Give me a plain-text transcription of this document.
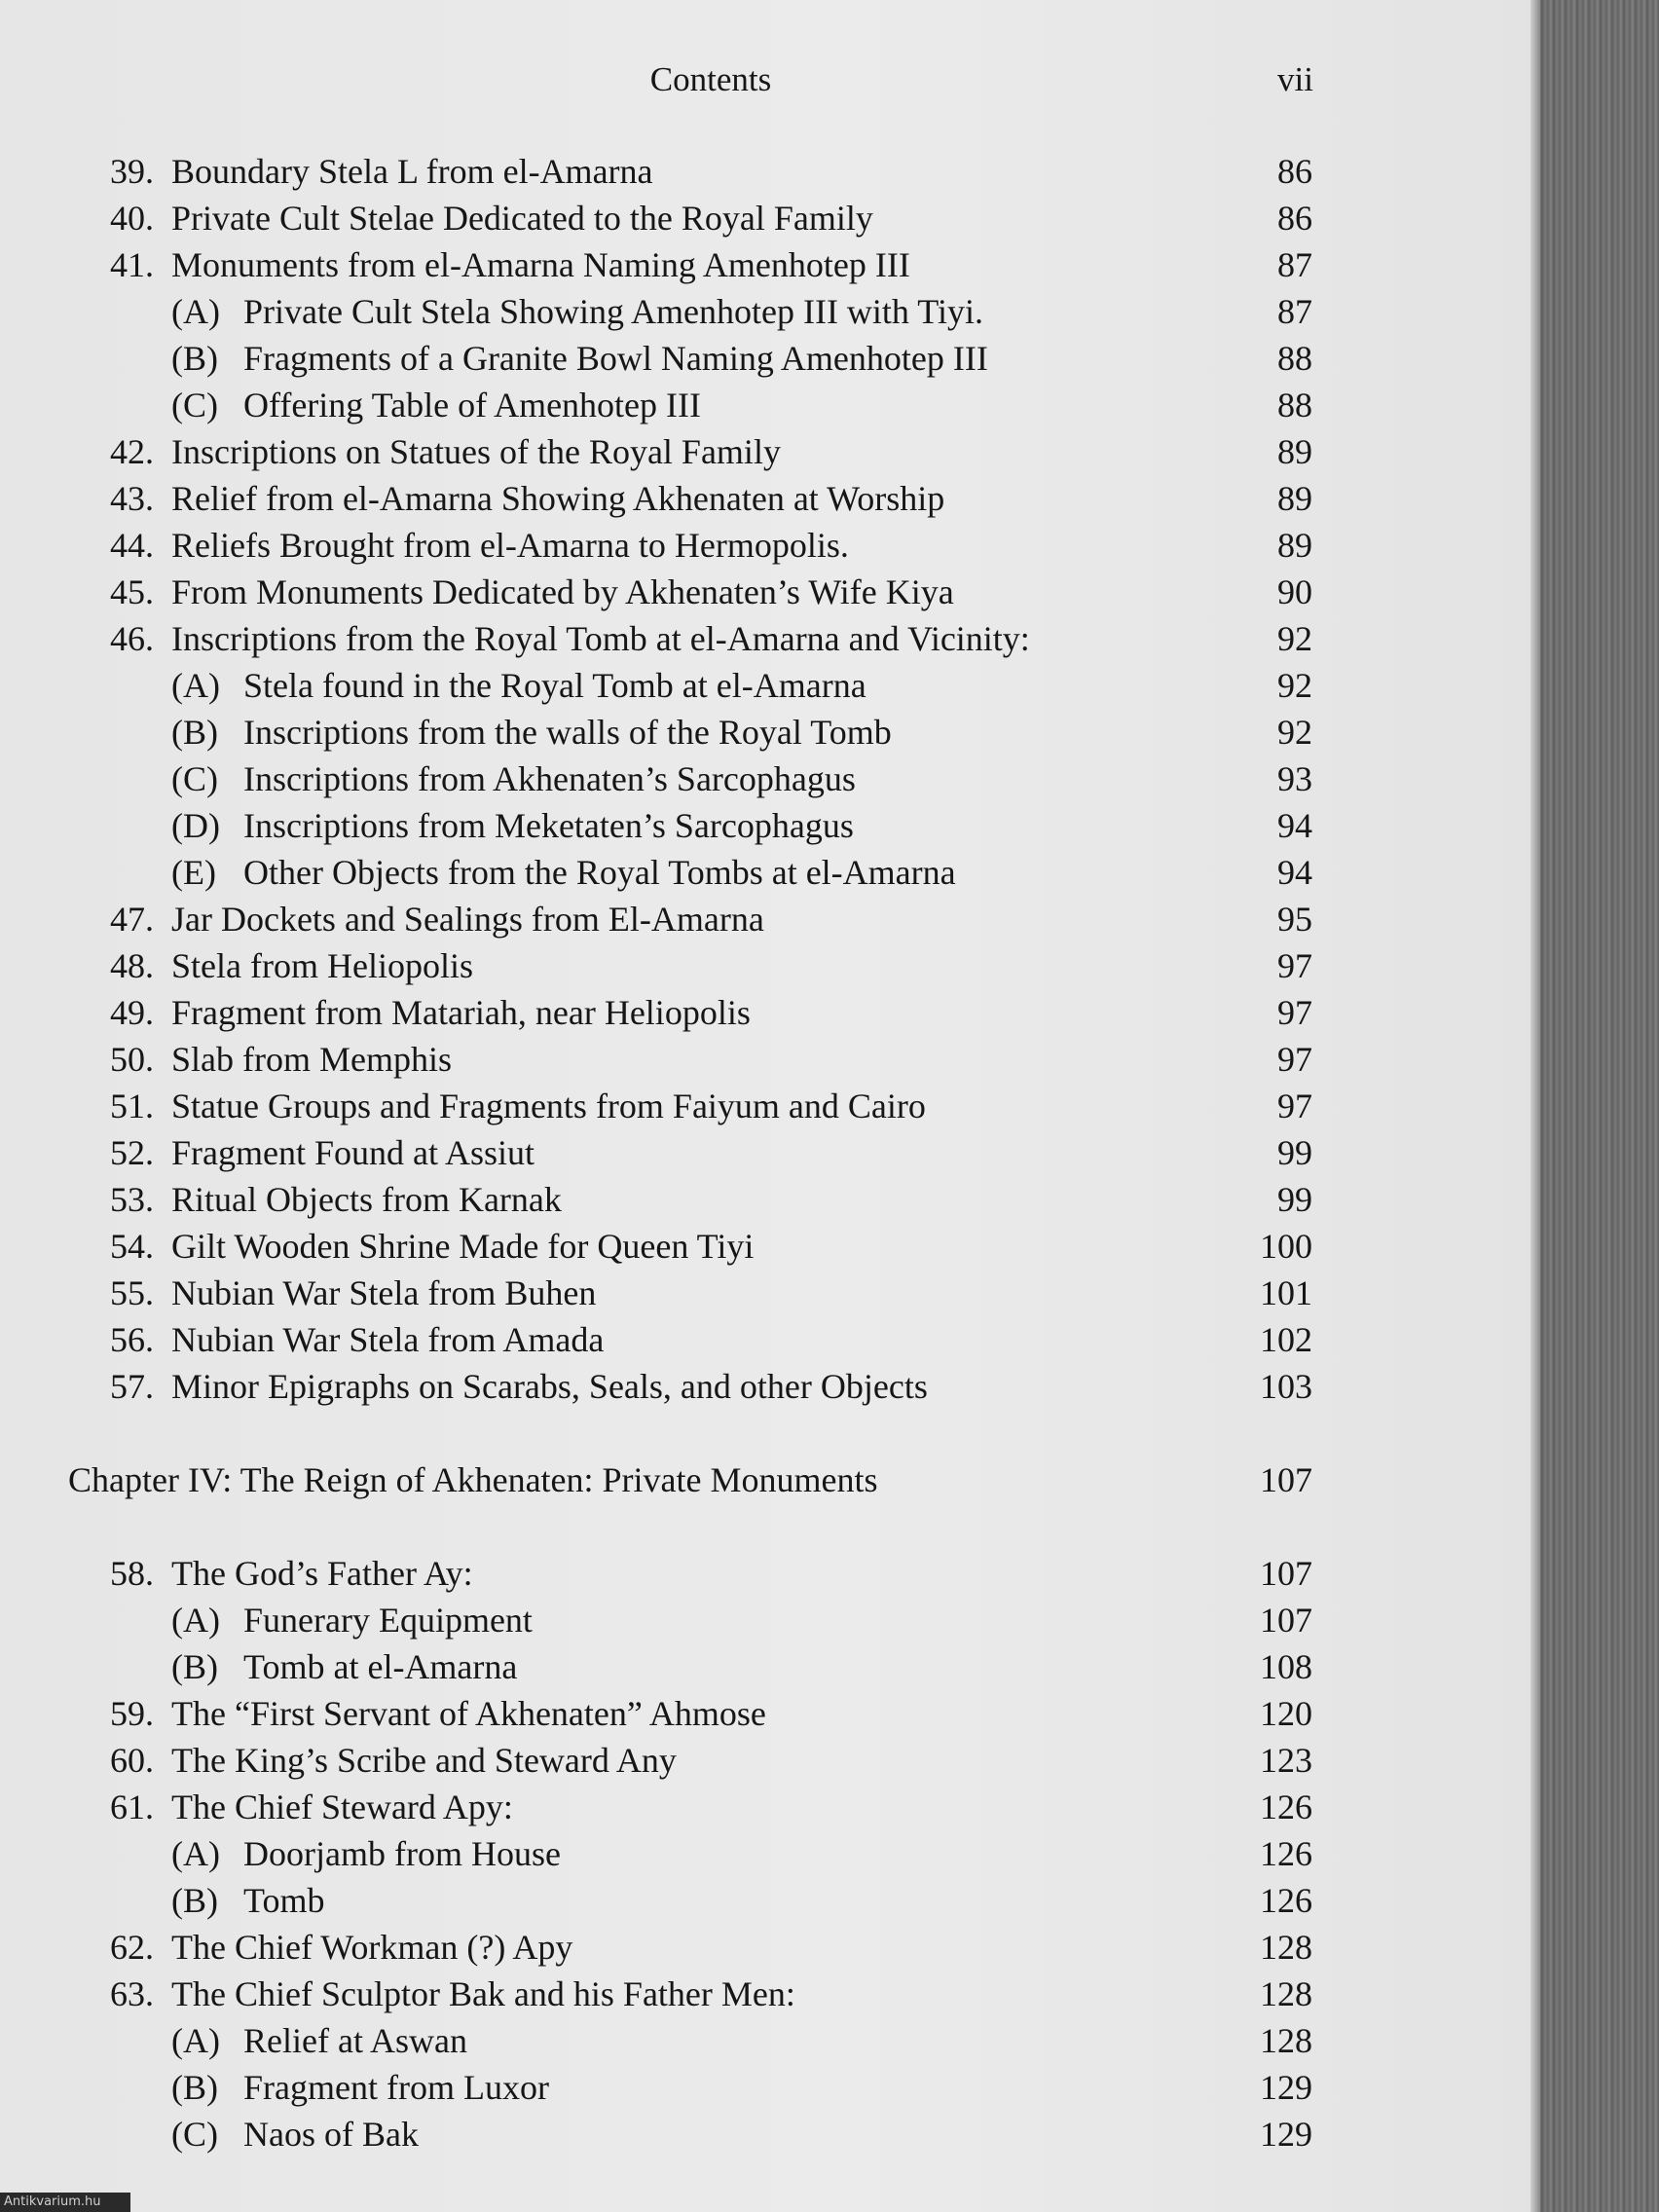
Contents	vii
39. Boundary Stela L from el-Amarna	86
40. Private Cult Stelae Dedicated to the Royal Family	86
41. Monuments from el-Amarna Naming Amenhotep III	87
(A) Private Cult Stela Showing Amenhotep III with Tiyi.	87
(B) Fragments of a Granite Bowl Naming Amenhotep III	88
(C) Offering Table of Amenhotep III	88
42. Inscriptions on Statues of the Royal Family	89
43. Relief from el-Amarna Showing Akhenaten at Worship	89
44. Reliefs Brought from el-Amarna to Hermopolis.	89
45. From Monuments Dedicated by Akhenaten’s Wife Kiya	90
46. Inscriptions from the Royal Tomb at el-Amarna and Vicinity:	92
(A) Stela found in the Royal Tomb at el-Amarna	92
(B) Inscriptions from the walls of the Royal Tomb	92
(C) Inscriptions from Akhenaten’s Sarcophagus	93
(D) Inscriptions from Meketaten’s Sarcophagus	94
(E) Other Objects from the Royal Tombs at el-Amarna	94
47. Jar Dockets and Sealings from El-Amarna	95
48. Stela from Heliopolis	97
49. Fragment from Matariah, near Heliopolis	97
50. Slab from Memphis	97
51. Statue Groups and Fragments from Faiyum and Cairo	97
52. Fragment Found at Assiut	99
53. Ritual Objects from Karnak	99
54. Gilt Wooden Shrine Made for Queen Tiyi	100
55. Nubian War Stela from Buhen	101
56. Nubian War Stela from Amada	102
57. Minor Epigraphs on Scarabs, Seals, and other Objects	103
Chapter IV: The Reign of Akhenaten: Private Monuments	107
58. The God’s Father Ay:	107
(A) Funerary Equipment	107
(B) Tomb at el-Amarna	108
59. The “First Servant of Akhenaten” Ahmose	120
60. The King’s Scribe and Steward Any	123
61. The Chief Steward Apy:	126
(A) Doorjamb from House	126
(B) Tomb	126
62. The Chief Workman (?) Apy	128
63. The Chief Sculptor Bak and his Father Men:	128
(A) Relief at Aswan	128
(B) Fragment from Luxor	129
(C) Naos of Bak	129
Antikvarium.hu
